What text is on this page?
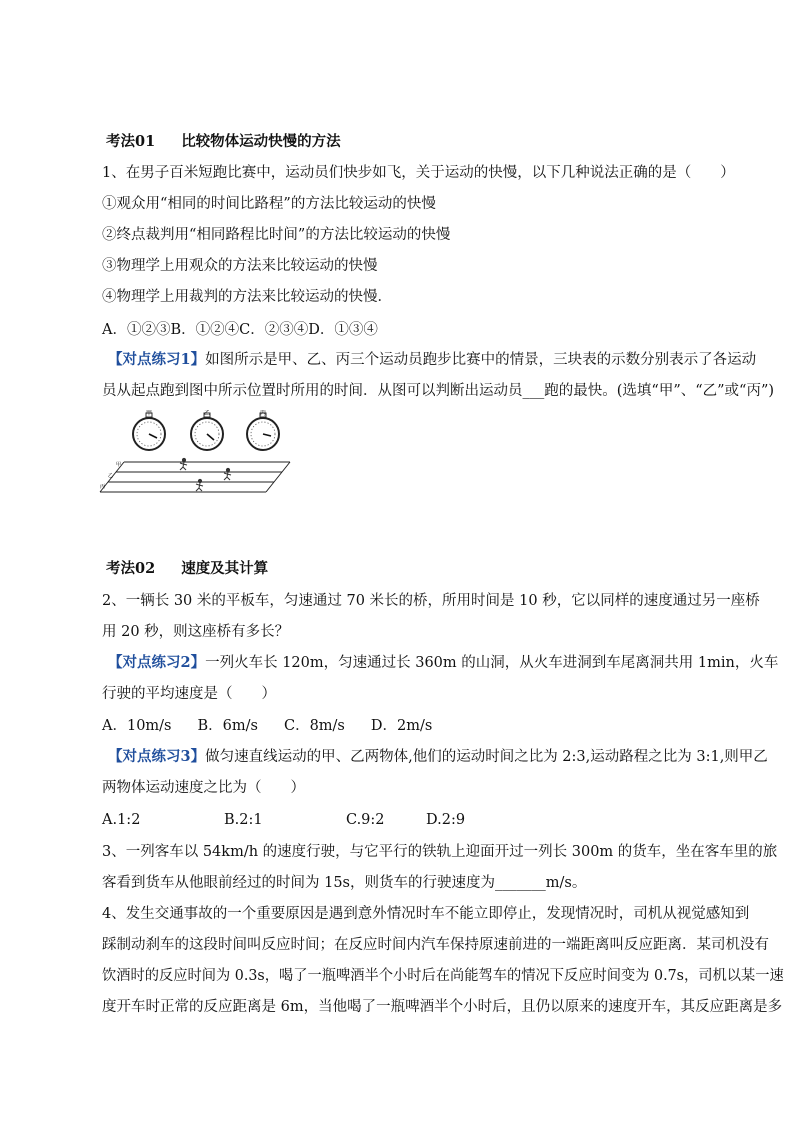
考法01 比较物体运动快慢的方法
1、在男子百米短跑比赛中，运动员们快步如飞，关于运动的快慢，以下几种说法正确的是（　　）
①观众用“相同的时间比路程”的方法比较运动的快慢
②终点裁判用“相同路程比时间”的方法比较运动的快慢
③物理学上用观众的方法来比较运动的快慢
④物理学上用裁判的方法来比较运动的快慢．
A．①②③B．①②④C．②③④D．①③④
【对点练习1】如图所示是甲、乙、丙三个运动员跑步比赛中的情景，三块表的示数分别表示了各运动
员从起点跑到图中所示位置时所用的时间．从图可以判断出运动员___跑的最快。(选填“甲”、“乙”或“丙”)
甲	乙	丙
甲
乙
丙
考法02 速度及其计算
2、一辆长 30 米的平板车，匀速通过 70 米长的桥，所用时间是 10 秒，它以同样的速度通过另一座桥
用 20 秒，则这座桥有多长？
【对点练习2】一列火车长 120m，匀速通过长 360m 的山洞，从火车进洞到车尾离洞共用 1min，火车
行驶的平均速度是（　　）
A．10m/s B．6m/s C．8m/s D．2m/s
【对点练习3】做匀速直线运动的甲、乙两物体,他们的运动时间之比为 2:3,运动路程之比为 3:1,则甲乙
两物体运动速度之比为（　　）
A.1:2	B.2:1	C.9:2	D.2:9
3、一列客车以 54km/h 的速度行驶，与它平行的铁轨上迎面开过一列长 300m 的货车，坐在客车里的旅
客看到货车从他眼前经过的时间为 15s，则货车的行驶速度为_______m/s。
4、发生交通事故的一个重要原因是遇到意外情况时车不能立即停止，发现情况时，司机从视觉感知到
踩制动刹车的这段时间叫反应时间；在反应时间内汽车保持原速前进的一端距离叫反应距离．某司机没有
饮酒时的反应时间为 0.3s，喝了一瓶啤酒半个小时后在尚能驾车的情况下反应时间变为 0.7s，司机以某一速
度开车时正常的反应距离是 6m，当他喝了一瓶啤酒半个小时后，且仍以原来的速度开车，其反应距离是多
